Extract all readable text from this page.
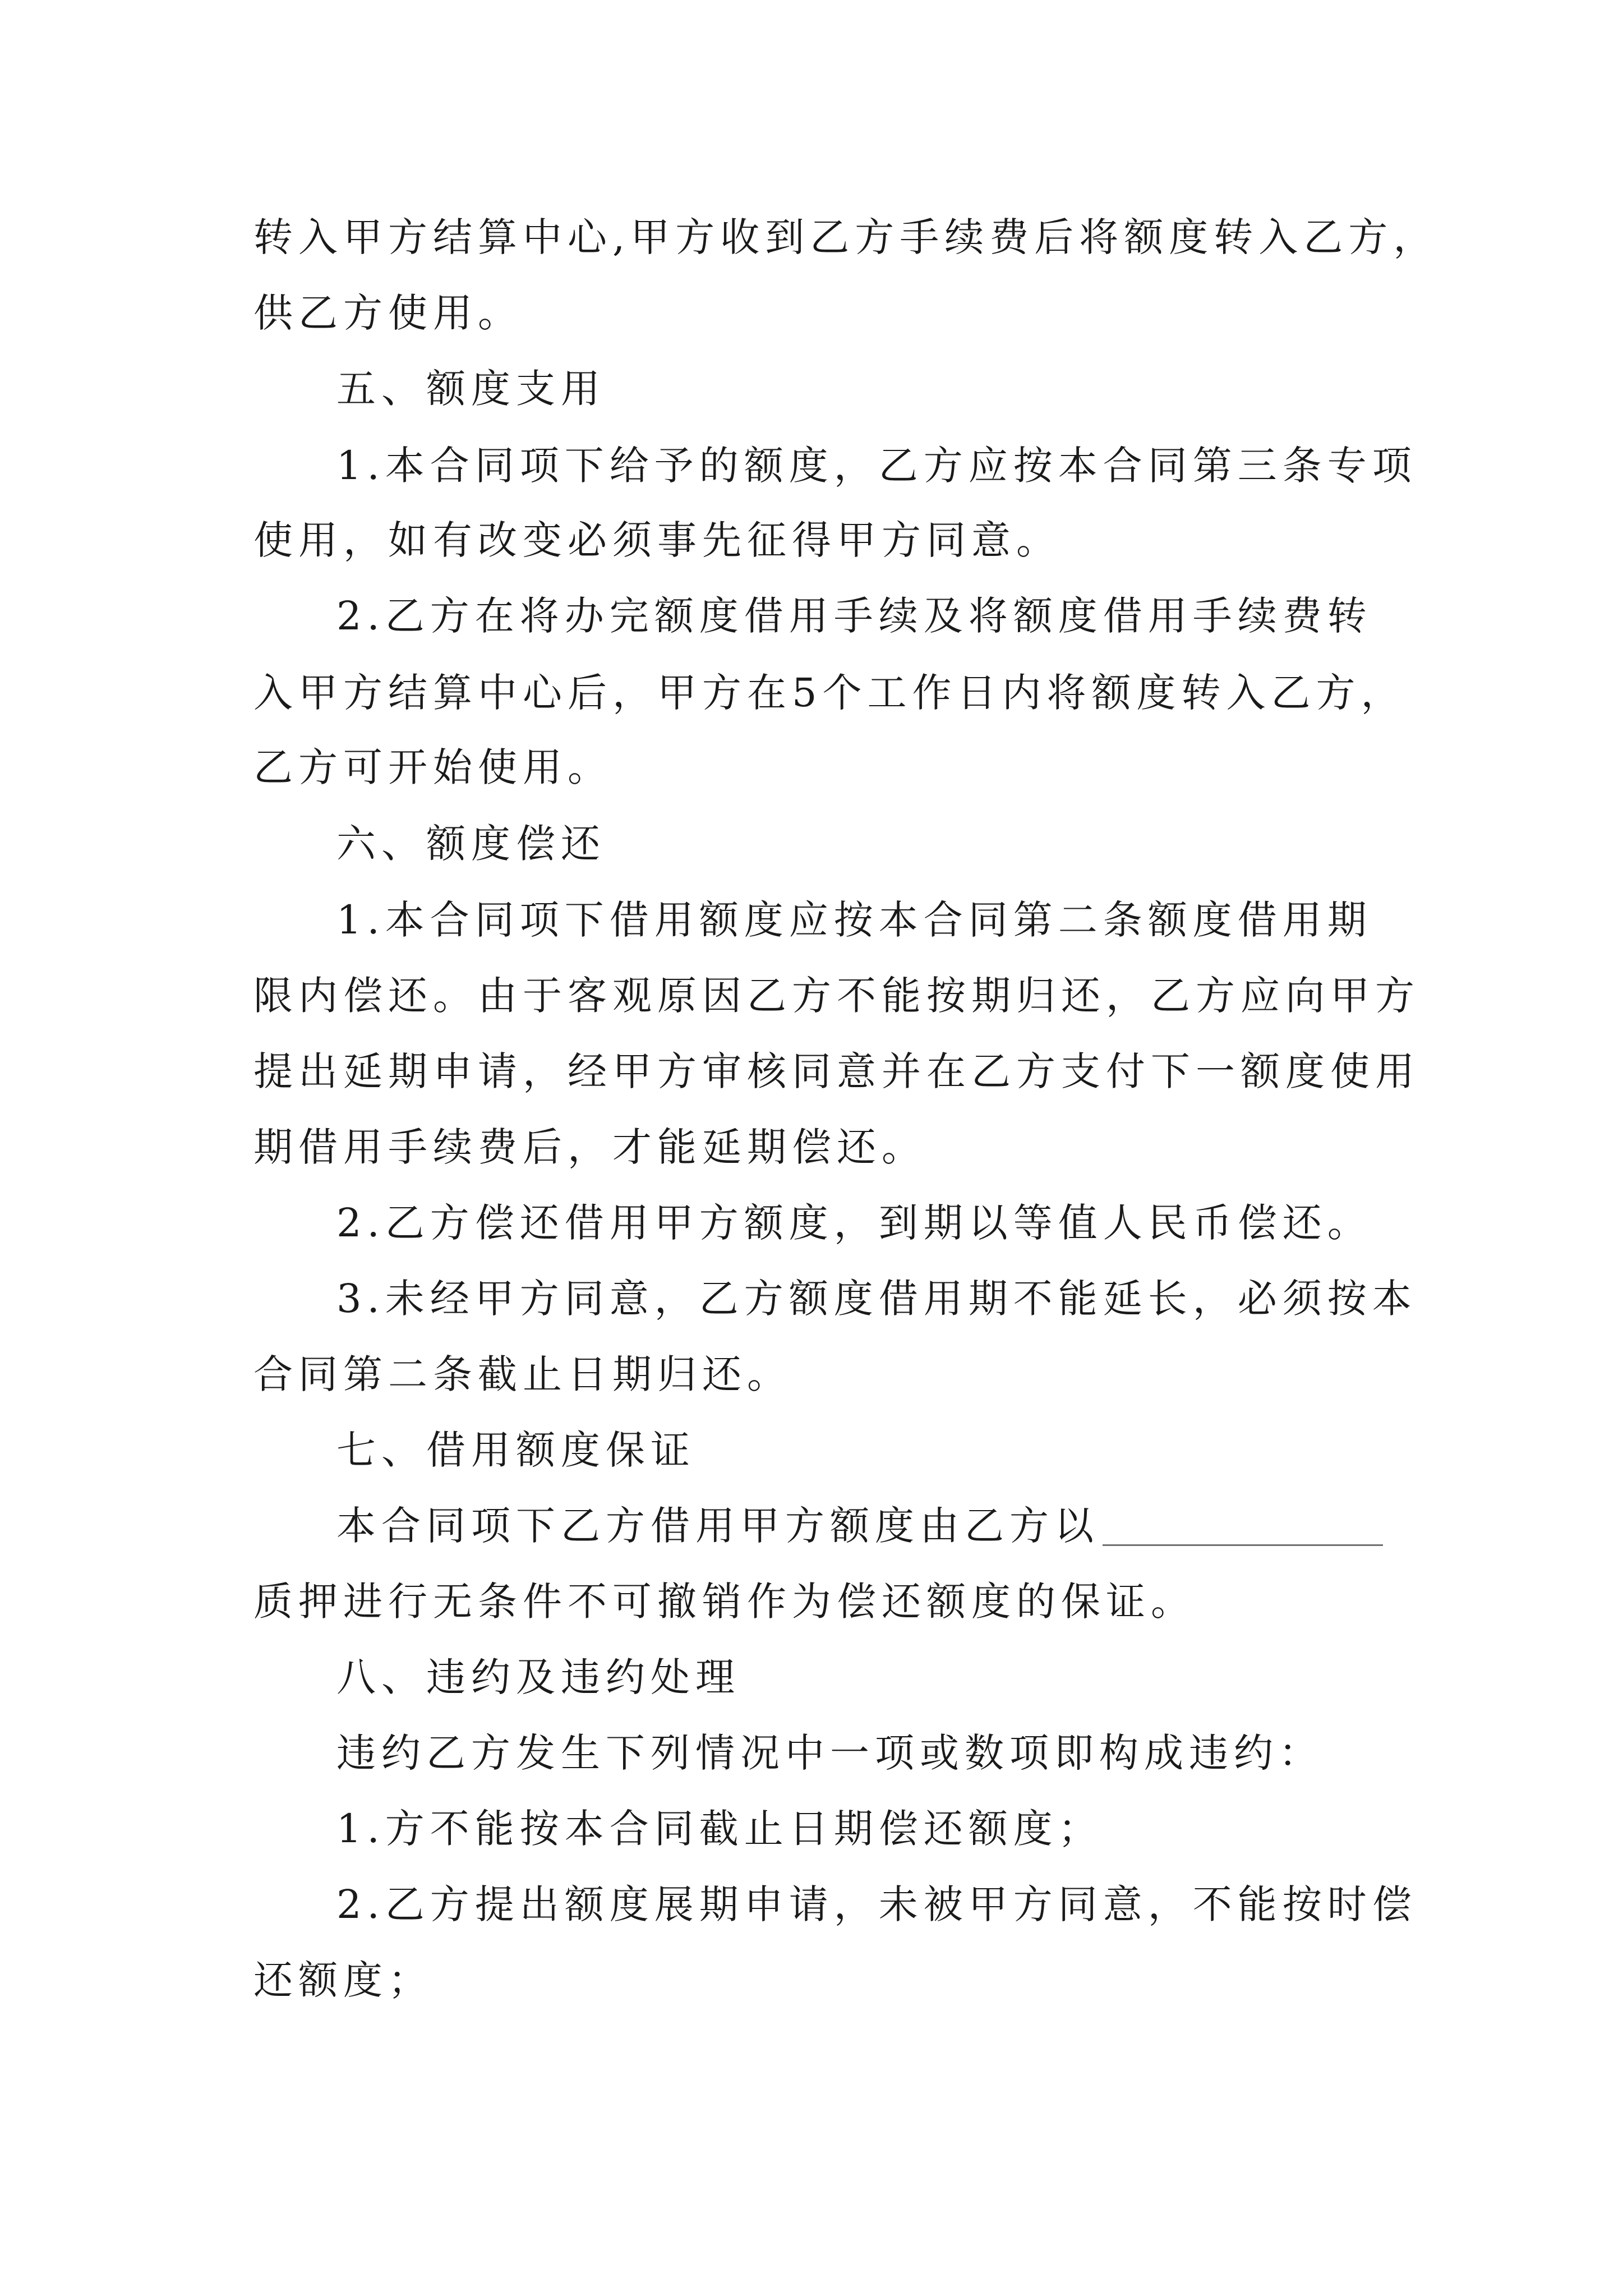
转入甲方结算中心,甲方收到乙方手续费后将额度转入乙方，
供乙方使用。
五、额度支用
1.本合同项下给予的额度，乙方应按本合同第三条专项
使用，如有改变必须事先征得甲方同意。
2.乙方在将办完额度借用手续及将额度借用手续费转
入甲方结算中心后，甲方在5个工作日内将额度转入乙方，
乙方可开始使用。
六、额度偿还
1.本合同项下借用额度应按本合同第二条额度借用期
限内偿还。由于客观原因乙方不能按期归还，乙方应向甲方
提出延期申请，经甲方审核同意并在乙方支付下一额度使用
期借用手续费后，才能延期偿还。
2.乙方偿还借用甲方额度，到期以等值人民币偿还。
3.未经甲方同意，乙方额度借用期不能延长，必须按本
合同第二条截止日期归还。
七、借用额度保证
本合同项下乙方借用甲方额度由乙方以
质押进行无条件不可撤销作为偿还额度的保证。
八、违约及违约处理
违约乙方发生下列情况中一项或数项即构成违约：
1.方不能按本合同截止日期偿还额度；
2.乙方提出额度展期申请，未被甲方同意，不能按时偿
还额度；
